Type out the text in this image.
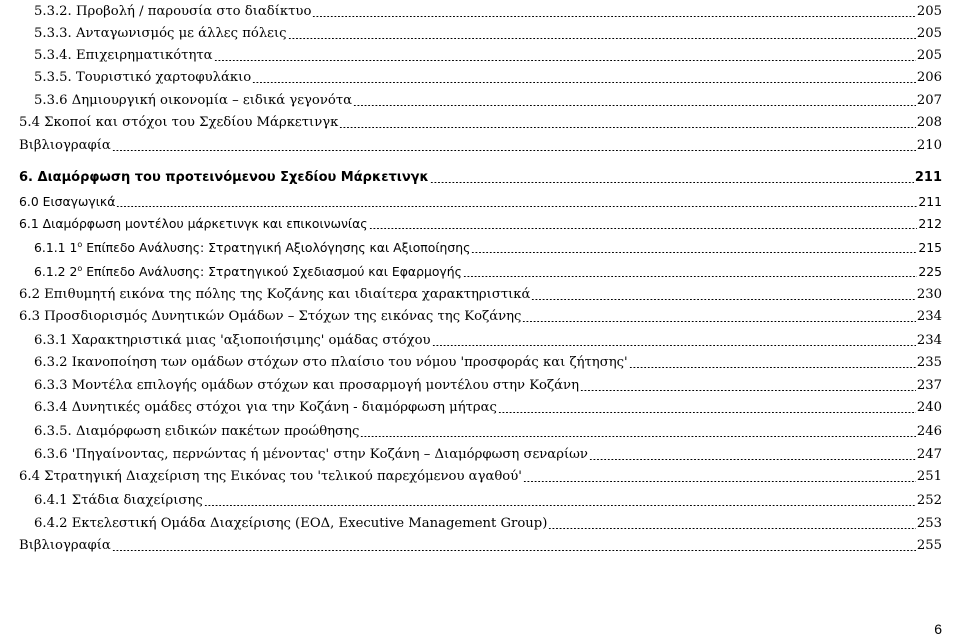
5.3.2. Προβολή / παρουσία στο διαδίκτυο	205
5.3.3. Ανταγωνισμός με άλλες πόλεις	205
5.3.4. Επιχειρηματικότητα	205
5.3.5. Τουριστικό χαρτοφυλάκιο	206
5.3.6 Δημιουργική οικονομία – ειδικά γεγονότα	207
5.4 Σκοποί και στόχοι του Σχεδίου Μάρκετινγκ	208
Βιβλιογραφία	210
6. Διαμόρφωση του προτεινόμενου Σχεδίου Μάρκετινγκ	211
6.0 Εισαγωγικά	211
6.1 Διαμόρφωση μοντέλου μάρκετινγκ και επικοινωνίας	212
6.1.1 $1^o$ Επίπεδο Ανάλυσης: Στρατηγική Αξιολόγησης και Αξιοποίησης	215
6.1.2 $2^o$ Επίπεδο Ανάλυσης: Στρατηγικού Σχεδιασμού και Εφαρμογής	225
6.2 Επιθυμητή εικόνα της πόλης της Κοζάνης και ιδιαίτερα χαρακτηριστικά	230
6.3 Προσδιορισμός Δυνητικών Ομάδων – Στόχων της εικόνας της Κοζάνης	234
6.3.1 Χαρακτηριστικά μιας 'αξιοποιήσιμης' ομάδας στόχου	234
6.3.2 Ικανοποίηση των ομάδων στόχων στο πλαίσιο του νόμου 'προσφοράς και ζήτησης'	235
6.3.3 Μοντέλα επιλογής ομάδων στόχων και προσαρμογή μοντέλου στην Κοζάνη	237
6.3.4 Δυνητικές ομάδες στόχοι για την Κοζάνη - διαμόρφωση μήτρας	240
6.3.5. Διαμόρφωση ειδικών πακέτων προώθησης	246
6.3.6 'Πηγαίνοντας, περνώντας ή μένοντας' στην Κοζάνη – Διαμόρφωση σεναρίων	247
6.4 Στρατηγική Διαχείριση της Εικόνας του 'τελικού παρεχόμενου αγαθού'	251
6.4.1 Στάδια διαχείρισης	252
6.4.2 Εκτελεστική Ομάδα Διαχείρισης (ΕΟΔ, Executive Management Group)	253
Βιβλιογραφία	255
6
